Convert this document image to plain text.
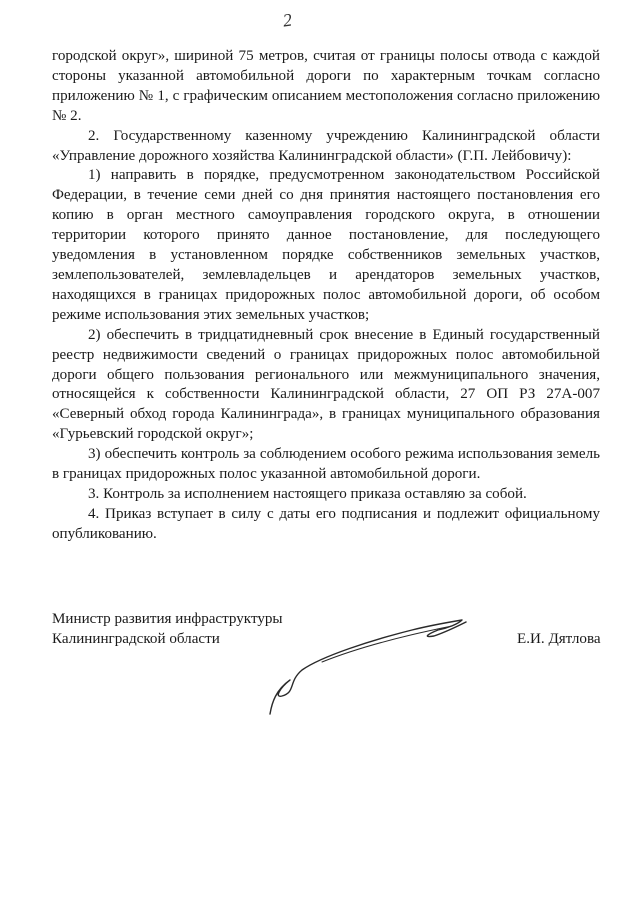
2

городской округ», шириной 75 метров, считая от границы полосы отвода с каждой стороны указанной автомобильной дороги по характерным точкам согласно приложению № 1, с графическим описанием местоположения согласно приложению № 2.

2. Государственному казенному учреждению Калининградской области «Управление дорожного хозяйства Калининградской области» (Г.П. Лейбовичу):

1) направить в порядке, предусмотренном законодательством Российской Федерации, в течение семи дней со дня принятия настоящего постановления его копию в орган местного самоуправления городского округа, в отношении территории которого принято данное постановление, для последующего уведомления в установленном порядке собственников земельных участков, землепользователей, землевладельцев и арендаторов земельных участков, находящихся в границах придорожных полос автомобильной дороги, об особом режиме использования этих земельных участков;

2) обеспечить в тридцатидневный срок внесение в Единый государственный реестр недвижимости сведений о границах придорожных полос автомобильной дороги общего пользования регионального или межмуниципального значения, относящейся к собственности Калининградской области, 27 ОП РЗ 27А-007 «Северный обход города Калининграда», в границах муниципального образования «Гурьевский городской округ»;

3) обеспечить контроль за соблюдением особого режима использования земель в границах придорожных полос указанной автомобильной дороги.

3. Контроль за исполнением настоящего приказа оставляю за собой.

4. Приказ вступает в силу с даты его подписания и подлежит официальному опубликованию.

Министр развития инфраструктуры
Калининградской области	Е.И. Дятлова
